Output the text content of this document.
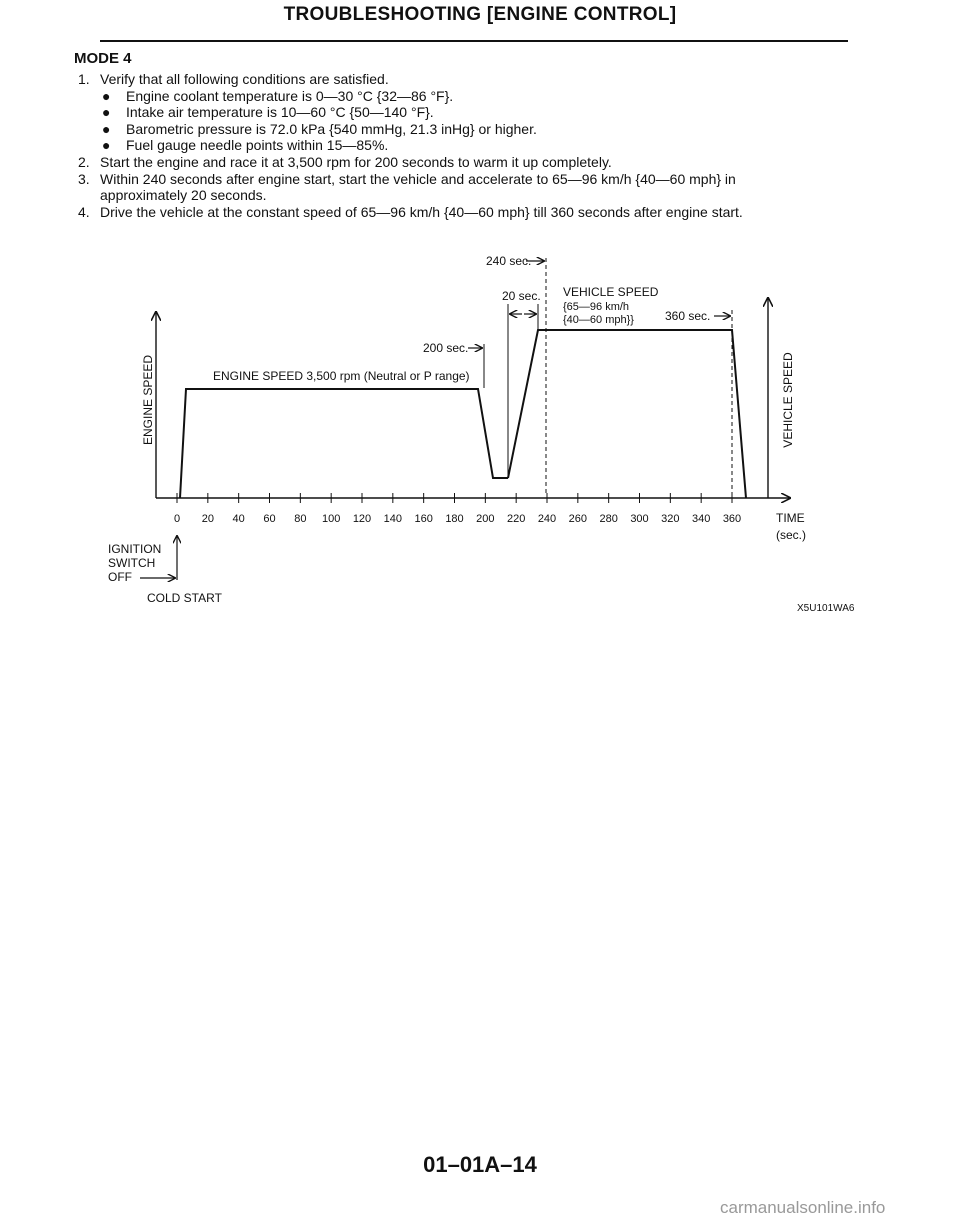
TROUBLESHOOTING [ENGINE CONTROL]
MODE 4
1. Verify that all following conditions are satisfied.
● Engine coolant temperature is 0—30 °C {32—86 °F}.
● Intake air temperature is 10—60 °C {50—140 °F}.
● Barometric pressure is 72.0 kPa {540 mmHg, 21.3 inHg} or higher.
● Fuel gauge needle points within 15—85%.
2. Start the engine and race it at 3,500 rpm for 200 seconds to warm it up completely.
3. Within 240 seconds after engine start, start the vehicle and accelerate to 65—96 km/h {40—60 mph} in
approximately 20 seconds.
4. Drive the vehicle at the constant speed of 65—96 km/h {40—60 mph} till 360 seconds after engine start.
0 20 40 60 80 100 120 140 160 180 200 220 240 260 280 300 320 340 360
ENGINE SPEED	VEHICLE SPEED
TIME
(sec.)
240 sec.
20 sec.
200 sec.
ENGINE SPEED 3,500 rpm (Neutral or P range)
VEHICLE SPEED
{65—96 km/h
{40—60 mph}}	360 sec.
IGNITION
SWITCH
OFF
COLD START
X5U101WA6
01–01A–14
carmanualsonline.info
